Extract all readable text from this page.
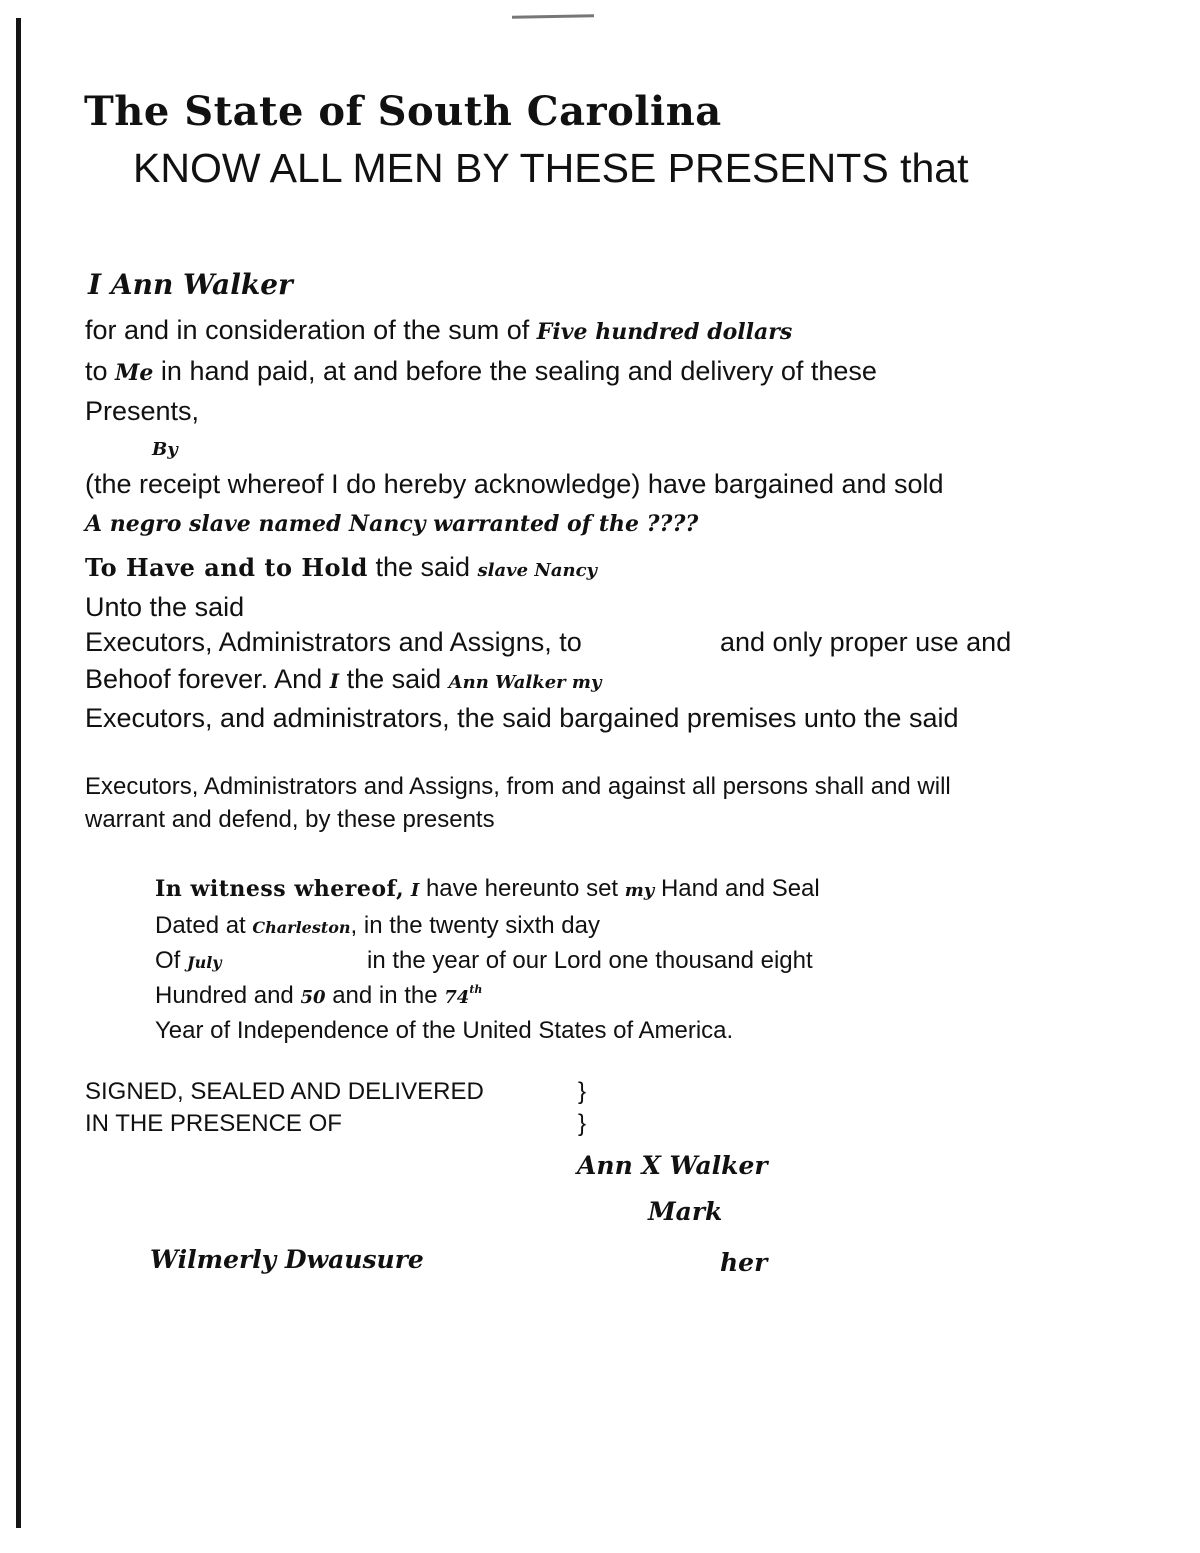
The State of South Carolina
KNOW ALL MEN BY THESE PRESENTS that
I Ann Walker
for and in consideration of the sum of Five hundred dollars
to Me in hand paid, at and before the sealing and delivery of these
Presents,
By
(the receipt whereof I do hereby acknowledge) have bargained and sold
A negro slave named Nancy warranted of the ????
To Have and to Hold the said slave Nancy
Unto the said
Executors, Administrators and Assigns, to	and only proper use and
Behoof forever. And I the said Ann Walker my
Executors, and administrators, the said bargained premises unto the said
Executors, Administrators and Assigns, from and against all persons shall and will
warrant and defend, by these presents
In witness whereof, I have hereunto set my Hand and Seal
Dated at Charleston, in the twenty sixth day
Of July	in the year of our Lord one thousand eight
Hundred and 50 and in the 74th
Year of Independence of the United States of America.
SIGNED, SEALED AND DELIVERED
IN THE PRESENCE OF
}
}
Ann X Walker
Mark
Wilmerly Dwausure	her
